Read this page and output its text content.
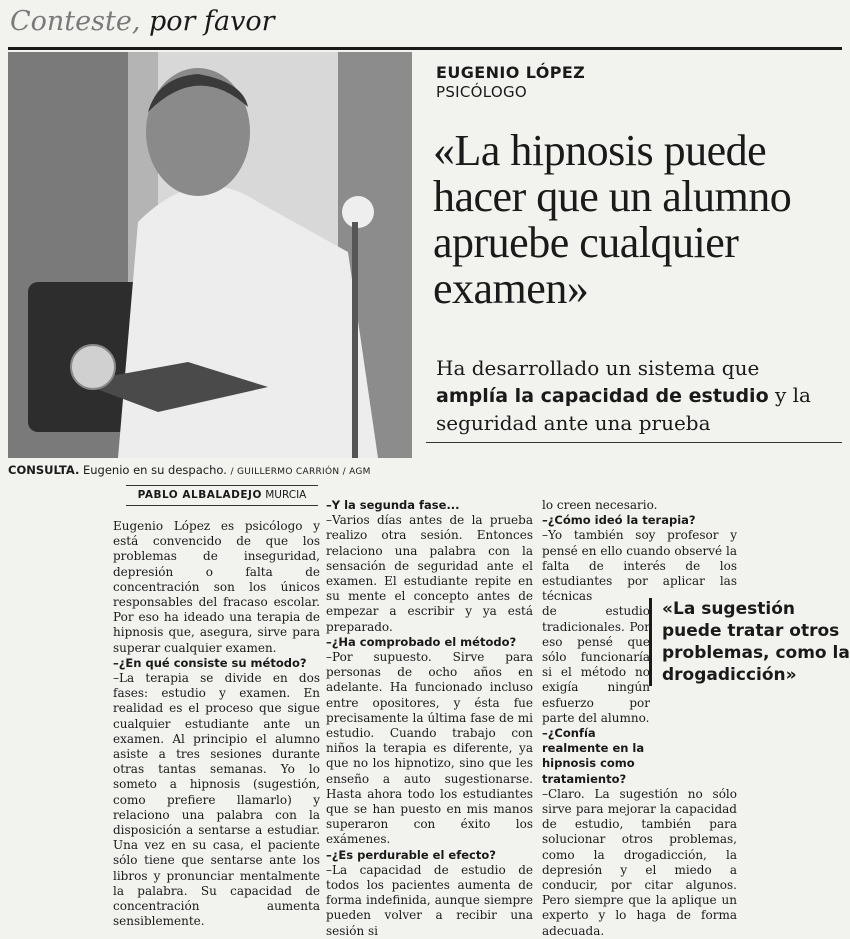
Conteste, por favor
CONSULTA. Eugenio en su despacho. / GUILLERMO CARRIÓN / AGM
EUGENIO LÓPEZ
PSICÓLOGO
«La hipnosis puede hacer que un alumno apruebe cualquier examen»
Ha desarrollado un sistema que amplía la capacidad de estudio y la seguridad ante una prueba
PABLO ALBALADEJO MURCIA

Eugenio López es psicólogo y está convencido de que los problemas de inseguridad, depresión o falta de concentración son los únicos responsables del fracaso escolar. Por eso ha ideado una terapia de hipnosis que, asegura, sirve para superar cualquier examen.

–¿En qué consiste su método?

–La terapia se divide en dos fases: estudio y examen. En realidad es el proceso que sigue cualquier estudiante ante un examen. Al principio el alumno asiste a tres sesiones durante otras tantas semanas. Yo lo someto a hipnosis (sugestión, como prefiere llamarlo) y relaciono una palabra con la disposición a sentarse a estudiar. Una vez en su casa, el paciente sólo tiene que sentarse ante los libros y pronunciar mentalmente la palabra. Su capacidad de concentración aumenta sensiblemente.

–Y la segunda fase...

–Varios días antes de la prueba realizo otra sesión. Entonces relaciono una palabra con la sensación de seguridad ante el examen. El estudiante repite en su mente el concepto antes de empezar a escribir y ya está preparado.

–¿Ha comprobado el método?

–Por supuesto. Sirve para personas de ocho años en adelante. Ha funcionado incluso entre opositores, y ésta fue precisamente la última fase de mi estudio. Cuando trabajo con niños la terapia es diferente, ya que no los hipnotizo, sino que les enseño a auto sugestionarse. Hasta ahora todo los estudiantes que se han puesto en mis manos superaron con éxito los exámenes.

–¿Es perdurable el efecto?

–La capacidad de estudio de todos los pacientes aumenta de forma indefinida, aunque siempre pueden volver a recibir una sesión si

lo creen necesario.

–¿Cómo ideó la terapia?

–Yo también soy profesor y pensé en ello cuando observé la falta de interés de los estudiantes por aplicar las técnicas

de estudio tradicionales. Por eso pensé que sólo funcionaría si el método no exigía ningún esfuerzo por parte del alumno.

–¿Confía realmente en la hipnosis como tratamiento?

–Claro. La sugestión no sólo sirve para mejorar la capacidad de estudio, también para solucionar otros problemas, como la drogadicción, la depresión y el miedo a conducir, por citar algunos. Pero siempre que la aplique un experto y lo haga de forma adecuada.

«La sugestión puede tratar otros problemas, como la drogadicción»
